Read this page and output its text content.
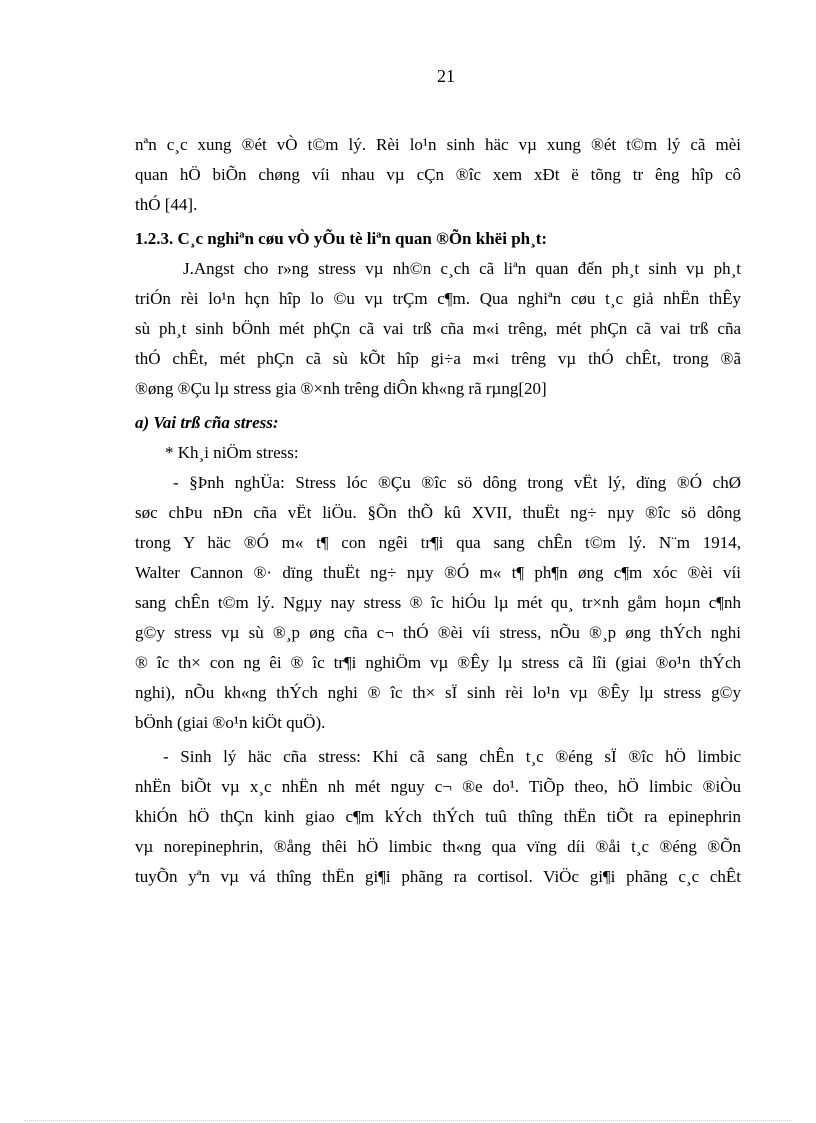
21
nªn c¸c xung ®ét vÒ t©m lý. Rèi lo¹n sinh häc vµ xung ®ét t©m lý cã mèi
quan hÖ biÕn chøng víi nhau vµ cÇn ®îc xem xÐt ë tõng tr êng hîp cô
thÓ [44].
1.2.3. C¸c nghiªn cøu vÒ yÕu tè liªn quan ®Õn khëi ph¸t:
J.Angst cho r»ng stress vµ nh©n c¸ch cã liªn quan đến ph¸t sinh vµ ph¸t
triÓn rèi lo¹n hçn hîp lo ©u vµ trÇm c¶m. Qua nghiªn cøu t¸c giả nhËn thÊy
sù ph¸t sinh bÖnh mét phÇn cã vai trß cña m«i trêng, mét phÇn cã vai trß cña
thÓ chÊt, mét phÇn cã sù kÕt hîp gi÷a m«i trêng vµ thÓ chÊt, trong ®ã
®øng ®Çu lµ stress gia ®×nh trêng diÔn kh«ng rã rµng[20]
a) Vai trß cña stress:
* Kh¸i niÖm stress:
- §Þnh nghÜa: Stress lóc ®Çu ®îc sö dông trong vËt lý, dïng ®Ó chØ
søc chÞu nÐn cña vËt liÖu. §Õn thÕ kû XVII, thuËt ng÷ nµy ®îc sö dông
trong Y häc ®Ó m« t¶ con ngêi tr¶i qua sang chÊn t©m lý. N¨m 1914,
Walter Cannon ®· dïng thuËt ng÷ nµy ®Ó m« t¶ ph¶n øng c¶m xóc ®èi víi
sang chÊn t©m lý. Ngµy nay stress ® îc hiÓu lµ mét qu¸ tr×nh gåm hoµn c¶nh
g©y stress vµ sù ®¸p øng cña c¬ thÓ ®èi víi stress, nÕu ®¸p øng thÝch nghi
® îc th× con ng êi ® îc tr¶i nghiÖm vµ ®Êy lµ stress cã lîi (giai ®o¹n thÝch
nghi), nÕu kh«ng thÝch nghi ® îc th× sÏ sinh rèi lo¹n vµ ®Êy lµ stress g©y
bÖnh (giai ®o¹n kiÖt quÖ).
- Sinh lý häc cña stress: Khi cã sang chÊn t¸c ®éng sÏ ®îc hÖ limbic
nhËn biÕt vµ x¸c nhËn nh mét nguy c¬ ®e do¹. TiÕp theo, hÖ limbic ®iÒu
khiÓn hÖ thÇn kinh giao c¶m kÝch thÝch tuû thîng thËn tiÕt ra epinephrin
vµ norepinephrin, ®ång thêi hÖ limbic th«ng qua vïng díi ®åi t¸c ®éng ®Õn
tuyÕn yªn vµ vá thîng thËn gi¶i phãng ra cortisol. ViÖc gi¶i phãng c¸c chÊt
